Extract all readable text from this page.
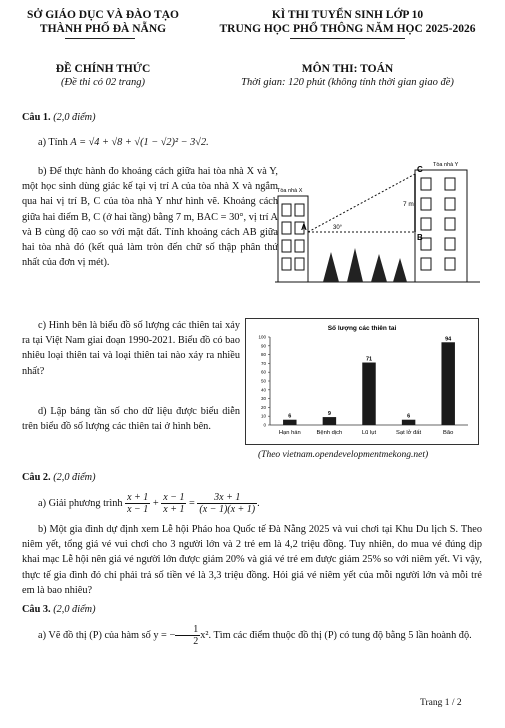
SỞ GIÁO DỤC VÀ ĐÀO TẠO
THÀNH PHỐ ĐÀ NẴNG
KÌ THI TUYỂN SINH LỚP 10
TRUNG HỌC PHỔ THÔNG NĂM HỌC 2025-2026
ĐỀ CHÍNH THỨC
(Đề thi có 02 trang)
MÔN THI: TOÁN
Thời gian: 120 phút (không tính thời gian giao đề)
Câu 1. (2,0 điểm)
a) Tính A = √4 + √8 + √(1 − √2)² − 3√2.
b) Để thực hành đo khoảng cách giữa hai tòa nhà X và Y, một học sinh dùng giác kế tại vị trí A của tòa nhà X và ngắm qua hai vị trí B, C của tòa nhà Y như hình vẽ. Khoảng cách giữa hai điểm B, C (ở hai tầng) bằng 7 m, BAC = 30°, vị trí A và B cùng độ cao so với mặt đất. Tính khoảng cách AB giữa hai tòa nhà đó (kết quả làm tròn đến chữ số thập phân thứ nhất của đơn vị mét).
Tòa nhà X
Tòa nhà Y
A
B
C
7 m
30°
c) Hình bên là biểu đồ số lượng các thiên tai xảy ra tại Việt Nam giai đoạn 1990-2021. Biểu đồ có bao nhiêu loại thiên tai và loại thiên tai nào xảy ra nhiều nhất?
d) Lập bảng tần số cho dữ liệu được biểu diễn trên biểu đồ số lượng các thiên tai ở hình bên.
Số lượng các thiên tai
0
10
20
30
40
50
60
70
80
90
100
6
Hạn hán
9
Bệnh dịch
71
Lũ lụt
6
Sạt lở đất
94
Bão
(Theo vietnam.opendevelopmentmekong.net)
Câu 2. (2,0 điểm)
a) Giải phương trình $\frac{x + 1}{x - 1} + \frac{x - 1}{x + 1} = \frac{3x + 1}{(x - 1)(x + 1)}$ .
b) Một gia đình dự định xem Lễ hội Pháo hoa Quốc tế Đà Nẵng 2025 và vui chơi tại Khu Du lịch S. Theo niêm yết, tổng giá vé vui chơi cho 3 người lớn và 2 trẻ em là 4,2 triệu đồng. Tuy nhiên, do mua vé đúng dịp khai mạc Lễ hội nên giá vé người lớn được giảm 20% và giá vé trẻ em được giảm 25% so với niêm yết. Vì vậy, thực tế gia đình đó chỉ phải trả số tiền vé là 3,3 triệu đồng. Hỏi giá vé niêm yết của mỗi người lớn và mỗi trẻ em là bao nhiêu?
Câu 3. (2,0 điểm)
a) Vẽ đồ thị (P) của hàm số y = − $\frac{1}{2} x^2$. Tìm các điểm thuộc đồ thị (P) có tung độ bằng 5 lần hoành độ.
Trang 1 / 2
